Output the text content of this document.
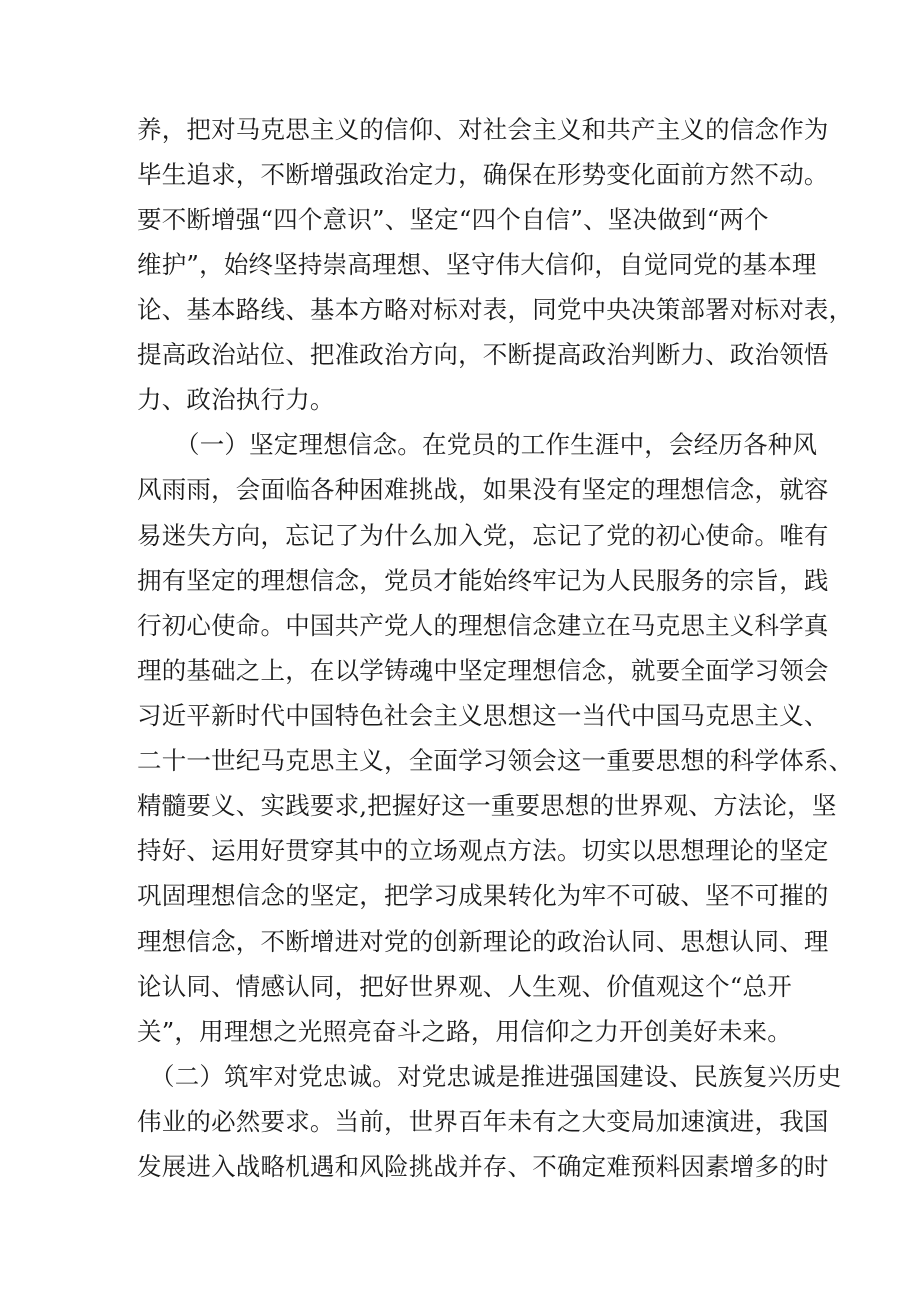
养，把对马克思主义的信仰、对社会主义和共产主义的信念作为
毕生追求，不断增强政治定力，确保在形势变化面前方然不动。
要不断增强“四个意识”、坚定“四个自信”、坚决做到“两个
维护”，始终坚持崇高理想、坚守伟大信仰，自觉同党的基本理
论、基本路线、基本方略对标对表，同党中央决策部署对标对表，
提高政治站位、把准政治方向，不断提高政治判断力、政治领悟
力、政治执行力。
（一）坚定理想信念。在党员的工作生涯中，会经历各种风
风雨雨，会面临各种困难挑战，如果没有坚定的理想信念，就容
易迷失方向，忘记了为什么加入党，忘记了党的初心使命。唯有
拥有坚定的理想信念，党员才能始终牢记为人民服务的宗旨，践
行初心使命。中国共产党人的理想信念建立在马克思主义科学真
理的基础之上，在以学铸魂中坚定理想信念，就要全面学习领会
习近平新时代中国特色社会主义思想这一当代中国马克思主义、
二十一世纪马克思主义，全面学习领会这一重要思想的科学体系、
精髓要义、实践要求,把握好这一重要思想的世界观、方法论，坚
持好、运用好贯穿其中的立场观点方法。切实以思想理论的坚定
巩固理想信念的坚定，把学习成果转化为牢不可破、坚不可摧的
理想信念，不断增进对党的创新理论的政治认同、思想认同、理
论认同、情感认同，把好世界观、人生观、价值观这个“总开
关”，用理想之光照亮奋斗之路，用信仰之力开创美好未来。
（二）筑牢对党忠诚。对党忠诚是推进强国建设、民族复兴历史
伟业的必然要求。当前，世界百年未有之大变局加速演进，我国
发展进入战略机遇和风险挑战并存、不确定难预料因素增多的时
